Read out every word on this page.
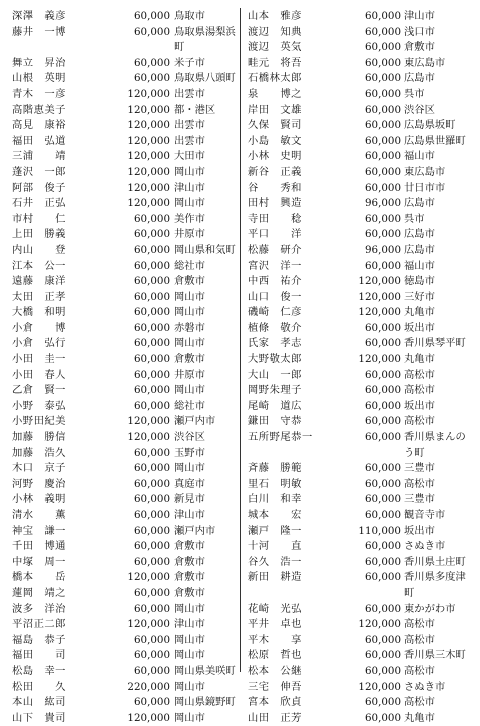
深澤　義彦	60,000 鳥取市
藤井　一博	60,000 鳥取県湯梨浜町
舞立　昇治	60,000 米子市
山根　英明	60,000 鳥取県八頭町
青木　一彦	120,000 出雲市
高階恵美子	120,000 都・港区
高見　康裕	120,000 出雲市
福田　弘道	120,000 出雲市
三浦　　靖	120,000 大田市
蓬沢　一郎	120,000 岡山市
阿部　俊子	120,000 津山市
石井　正弘	120,000 岡山市
市村　　仁	60,000 美作市
上田　勝義	60,000 井原市
内山　　登	60,000 岡山県和気町
江本　公一	60,000 総社市
遠藤　康洋	60,000 倉敷市
太田　正孝	60,000 岡山市
大橋　和明	60,000 岡山市
小倉　　博	60,000 赤磐市
小倉　弘行	60,000 岡山市
小田　圭一	60,000 倉敷市
小田　春人	60,000 井原市
乙倉　賢一	60,000 岡山市
小野　泰弘	60,000 総社市
小野田紀美	120,000 瀬戸内市
加藤　勝信	120,000 渋谷区
加藤　浩久	60,000 玉野市
木口　京子	60,000 岡山市
河野　慶治	60,000 真庭市
小林　義明	60,000 新見市
清水　　薫	60,000 津山市
神宝　謙一	60,000 瀬戸内市
千田　博通	60,000 倉敷市
中塚　周一	60,000 倉敷市
橋本　　岳	120,000 倉敷市
蓮岡　靖之	60,000 倉敷市
波多　洋治	60,000 岡山市
平沼正二郎	120,000 津山市
福島　恭子	60,000 岡山市
福田　　司	60,000 岡山市
松島　幸一	60,000 岡山県美咲町
松田　　久	220,000 岡山市
本山　紘司	60,000 岡山県鏡野町
山下　貴司	120,000 岡山市
山本　雅彦	60,000 津山市
渡辺　知典	60,000 浅口市
渡辺　英気	60,000 倉敷市
畦元　将吾	60,000 東広島市
石橋林太郎	60,000 広島市
泉　　博之	60,000 呉市
岸田　文雄	60,000 渋谷区
久保　賢司	60,000 広島県坂町
小島　敏文	60,000 広島県世羅町
小林　史明	60,000 福山市
新谷　正義	60,000 東広島市
谷　　秀和	60,000 廿日市市
田村　興造	96,000 広島市
寺田　　稔	60,000 呉市
平口　　洋	60,000 広島市
松藤　研介	96,000 広島市
宮沢　洋一	60,000 福山市
中西　祐介	120,000 徳島市
山口　俊一	120,000 三好市
磯崎　仁彦	120,000 丸亀市
植條　敬介	60,000 坂出市
氏家　孝志	60,000 香川県琴平町
大野敬太郎	120,000 丸亀市
大山　一郎	60,000 高松市
岡野朱理子	60,000 高松市
尾崎　道広	60,000 坂出市
鎌田　守恭	60,000 高松市
五所野尾恭一	60,000 香川県まんのう町
斉藤　勝範	60,000 三豊市
里石　明敏	60,000 高松市
白川　和幸	60,000 三豊市
城本　　宏	60,000 観音寺市
瀬戸　隆一	110,000 坂出市
十河　　直	60,000 さぬき市
谷久　浩一	60,000 香川県土庄町
新田　耕造	60,000 香川県多度津町
花崎　光弘	60,000 東かがわ市
平井　卓也	120,000 高松市
平木　　享	60,000 高松市
松原　哲也	60,000 香川県三木町
松本　公継	60,000 高松市
三宅　伸吾	120,000 さぬき市
宮本　欣貞	60,000 高松市
山田　正芳	60,000 丸亀市
